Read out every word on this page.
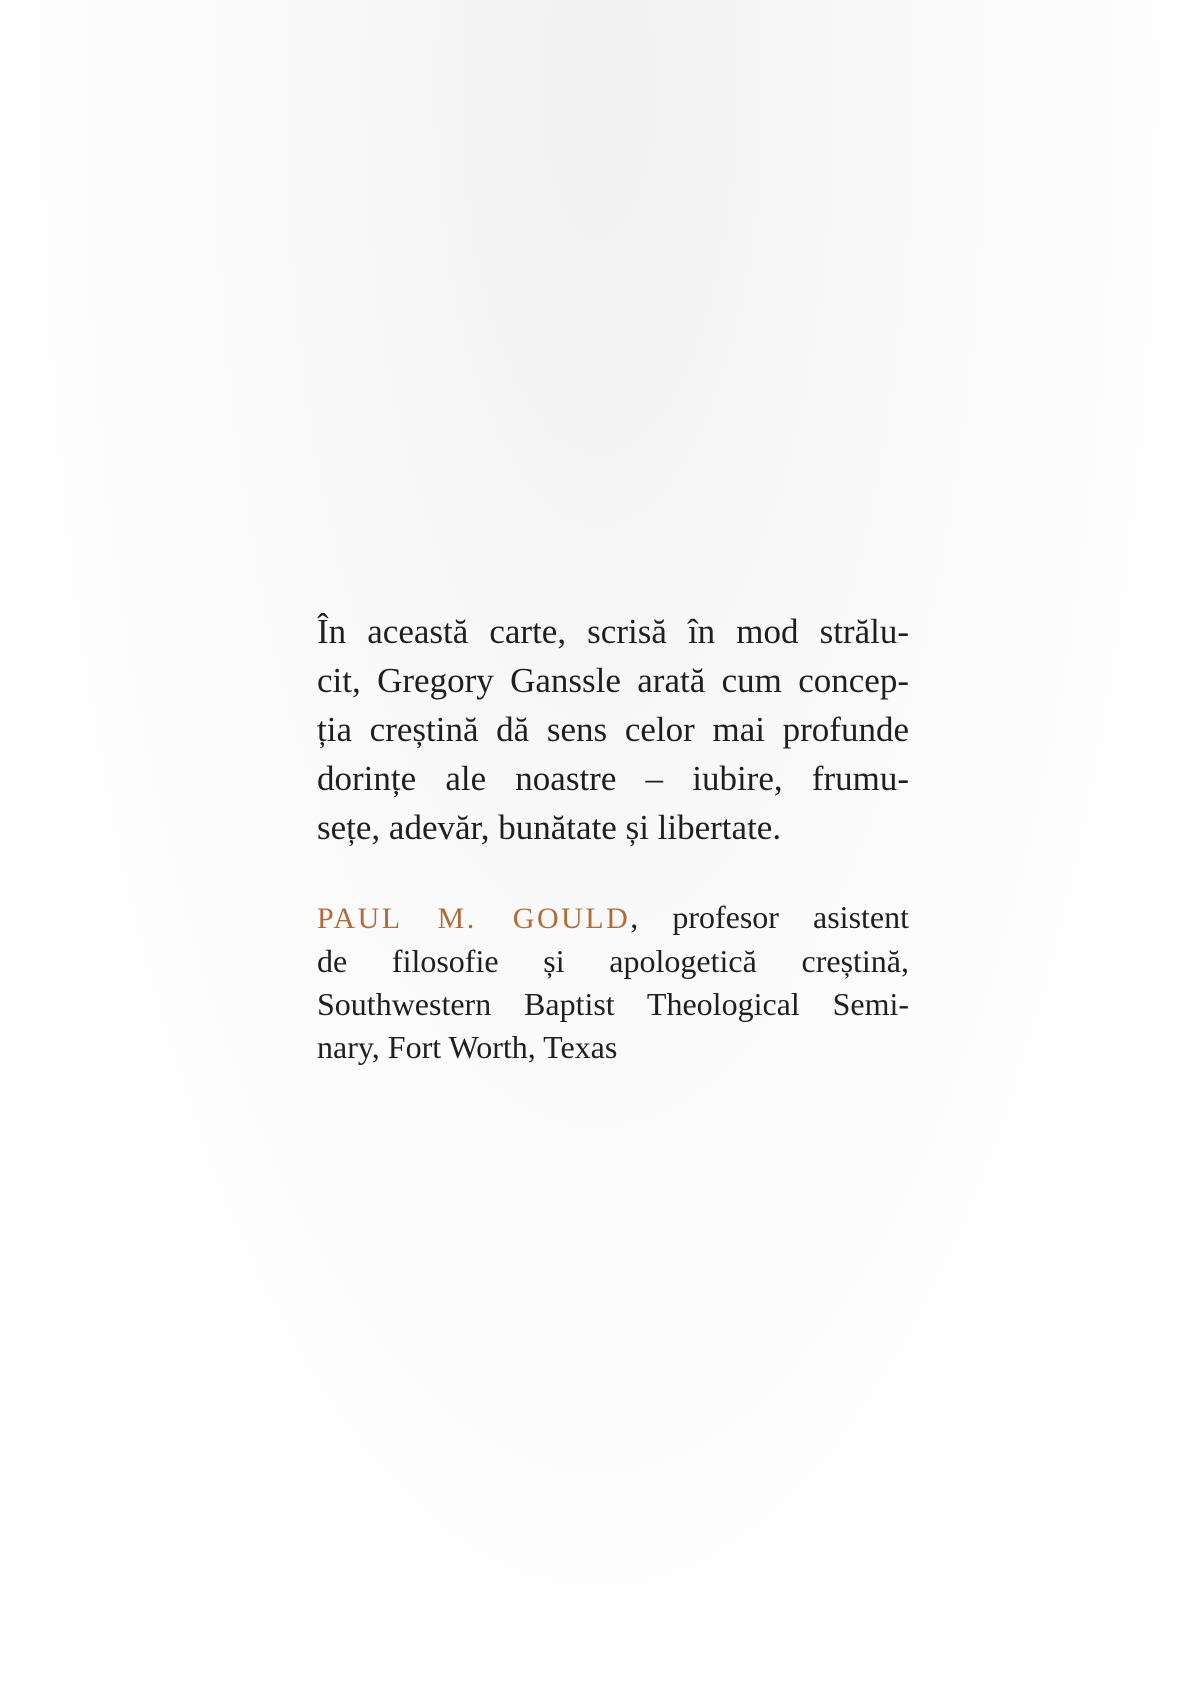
În această carte, scrisă în mod strălu-
cit, Gregory Ganssle arată cum concep-
ția creștină dă sens celor mai profunde
dorințe ale noastre – iubire, frumu-
sețe, adevăr, bunătate și libertate.
PAUL M. GOULD, profesor asistent
de filosofie și apologetică creștină,
Southwestern Baptist Theological Semi-
nary, Fort Worth, Texas
